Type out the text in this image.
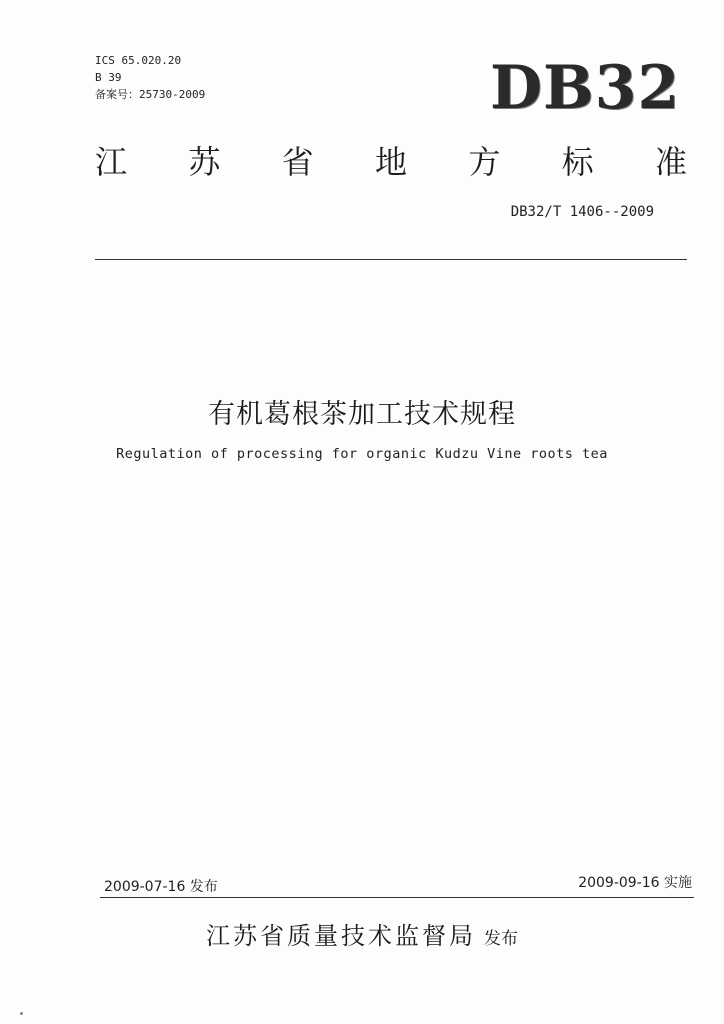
ICS 65.020.20
B 39
备案号：25730-2009	DB32
江 苏 省 地 方 标 准
DB32/T 1406--2009
有机葛根茶加工技术规程
Regulation of processing for organic Kudzu Vine roots tea
2009-07-16 发布	2009-09-16 实施
江苏省质量技术监督局 发布
